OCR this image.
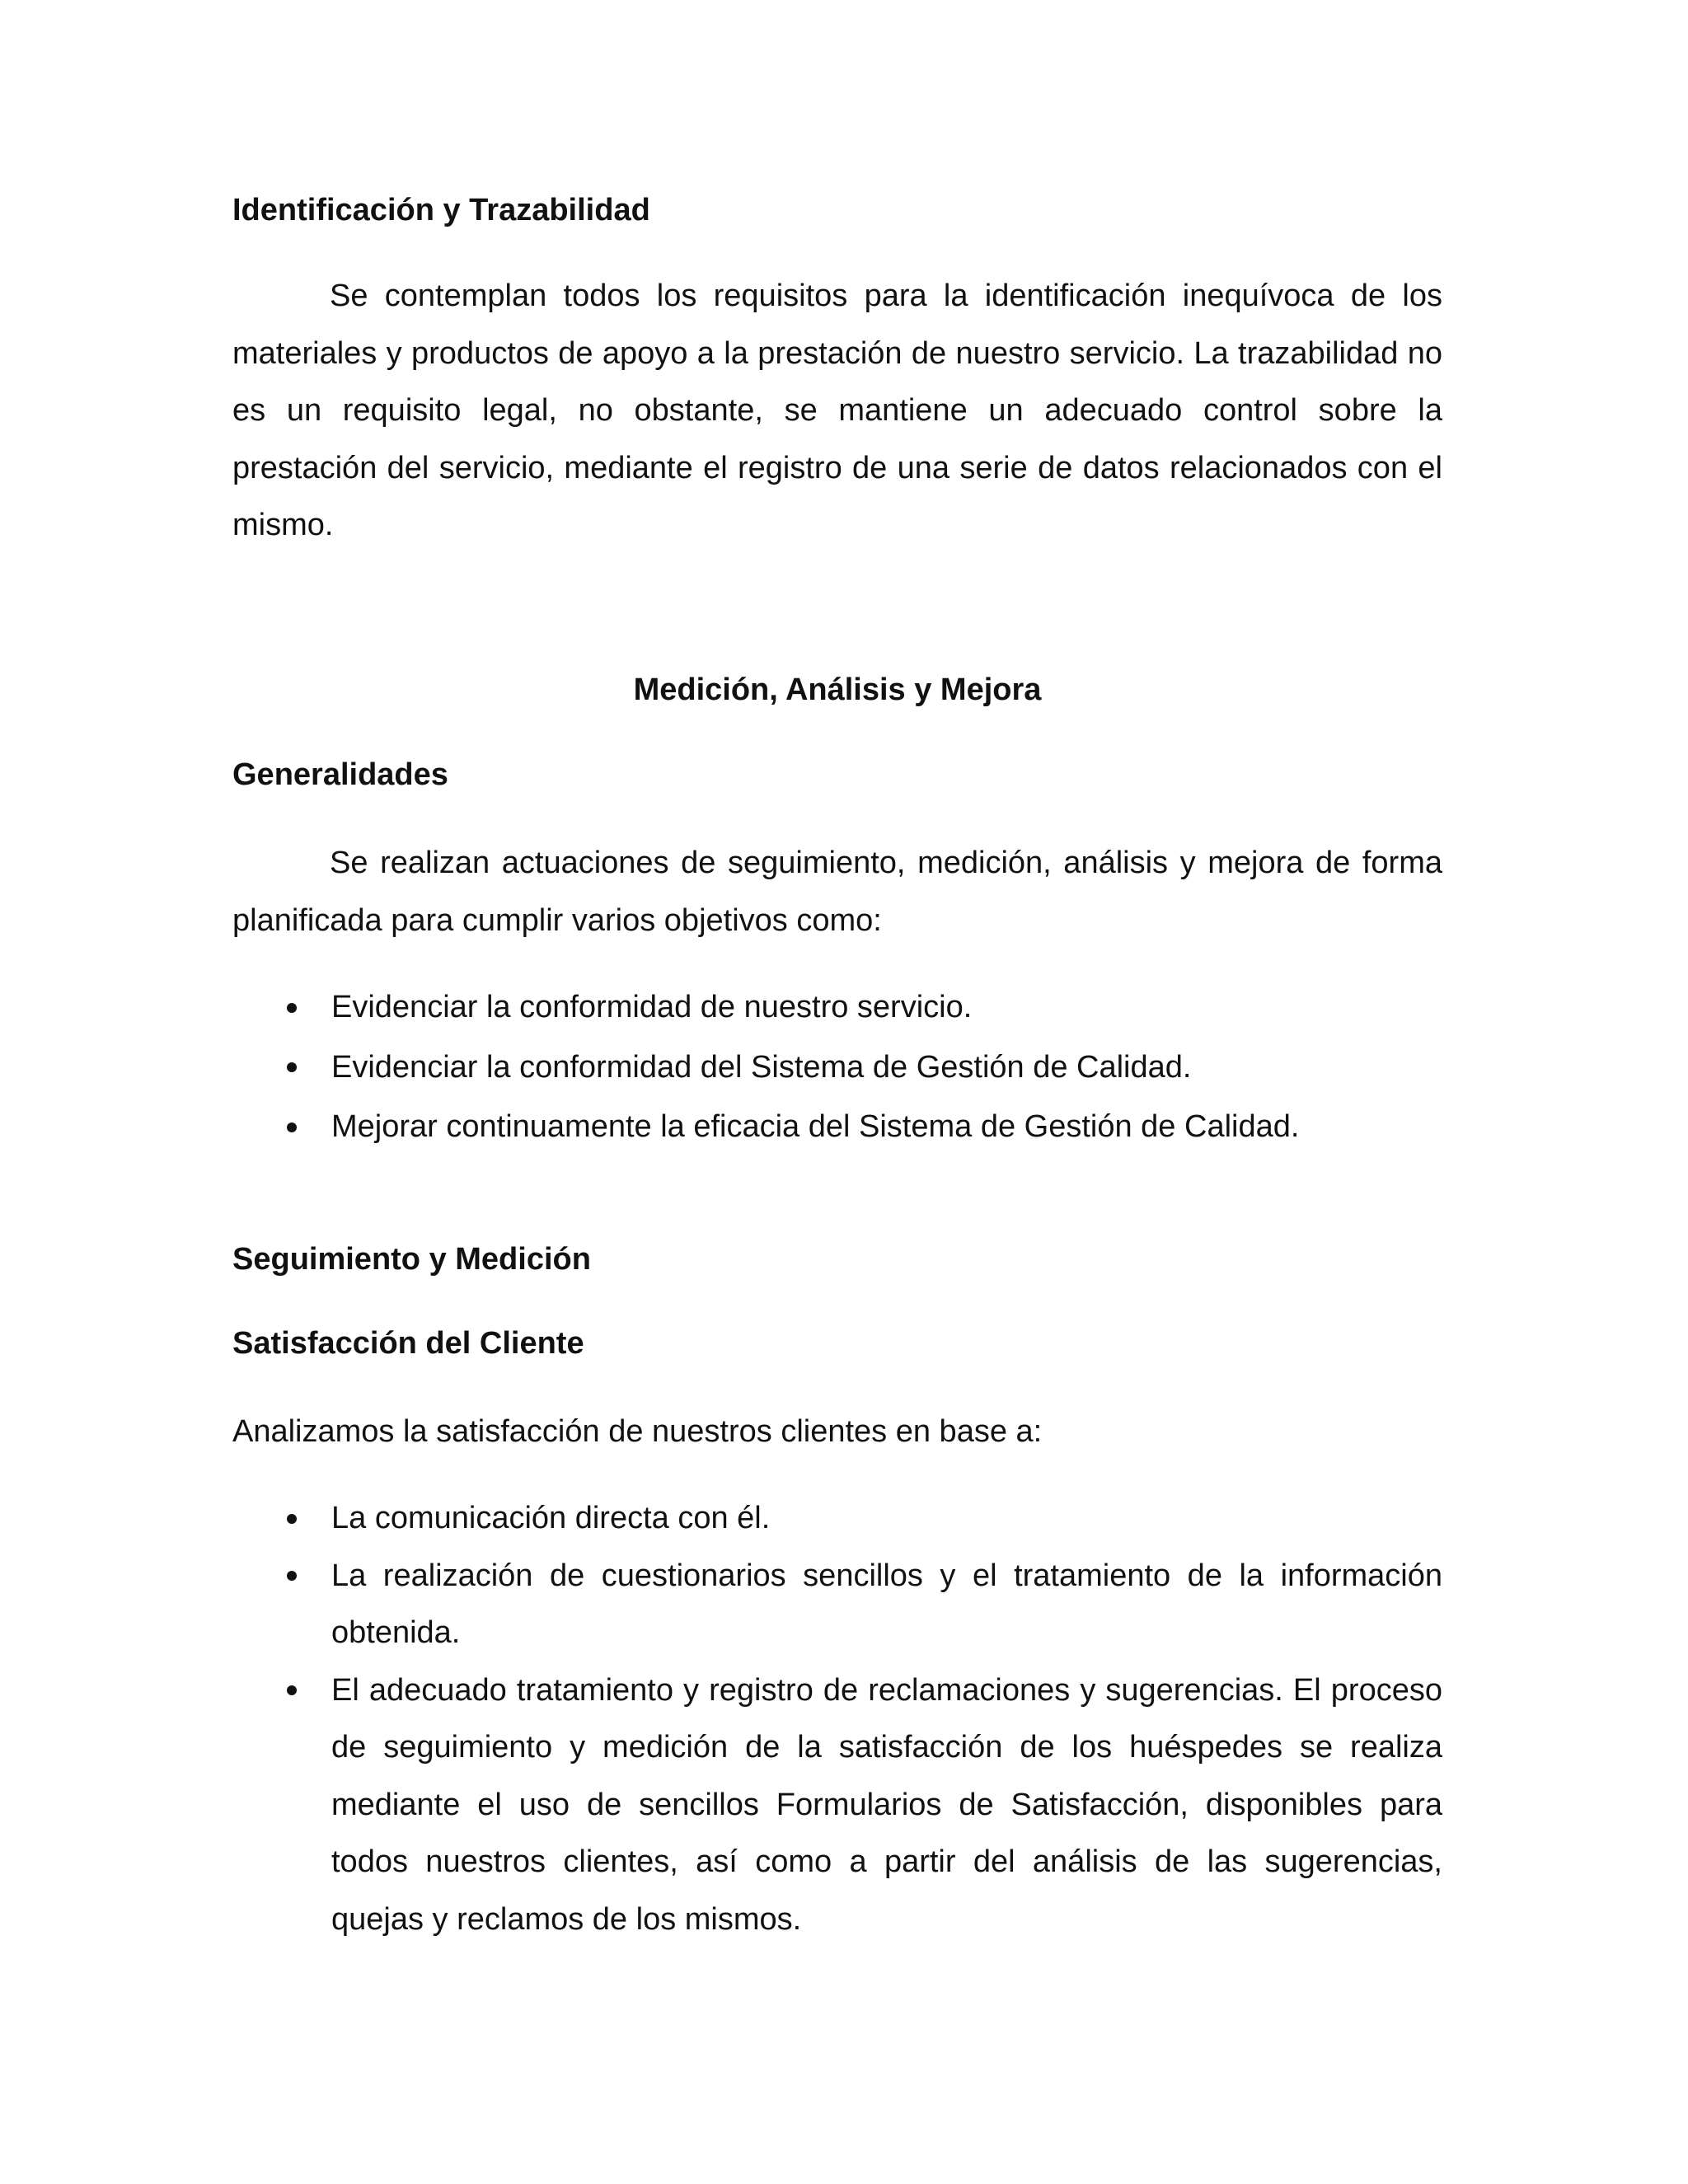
Identificación y Trazabilidad

Se contemplan todos los requisitos para la identificación inequívoca de los materiales y productos de apoyo a la prestación de nuestro servicio. La trazabilidad no es un requisito legal, no obstante, se mantiene un adecuado control sobre la prestación del servicio, mediante el registro de una serie de datos relacionados con el mismo.

Medición, Análisis y Mejora
Generalidades

Se realizan actuaciones de seguimiento, medición, análisis y mejora de forma planificada para cumplir varios objetivos como:

Evidenciar la conformidad de nuestro servicio.
Evidenciar la conformidad del Sistema de Gestión de Calidad.
Mejorar continuamente la eficacia del Sistema de Gestión de Calidad.
Seguimiento y Medición
Satisfacción del Cliente

Analizamos la satisfacción de nuestros clientes en base a:

La comunicación directa con él.
La realización de cuestionarios sencillos y el tratamiento de la información obtenida.
El adecuado tratamiento y registro de reclamaciones y sugerencias. El proceso de seguimiento y medición de la satisfacción de los huéspedes se realiza mediante el uso de sencillos Formularios de Satisfacción, disponibles para todos nuestros clientes, así como a partir del análisis de las sugerencias, quejas y reclamos de los mismos.
